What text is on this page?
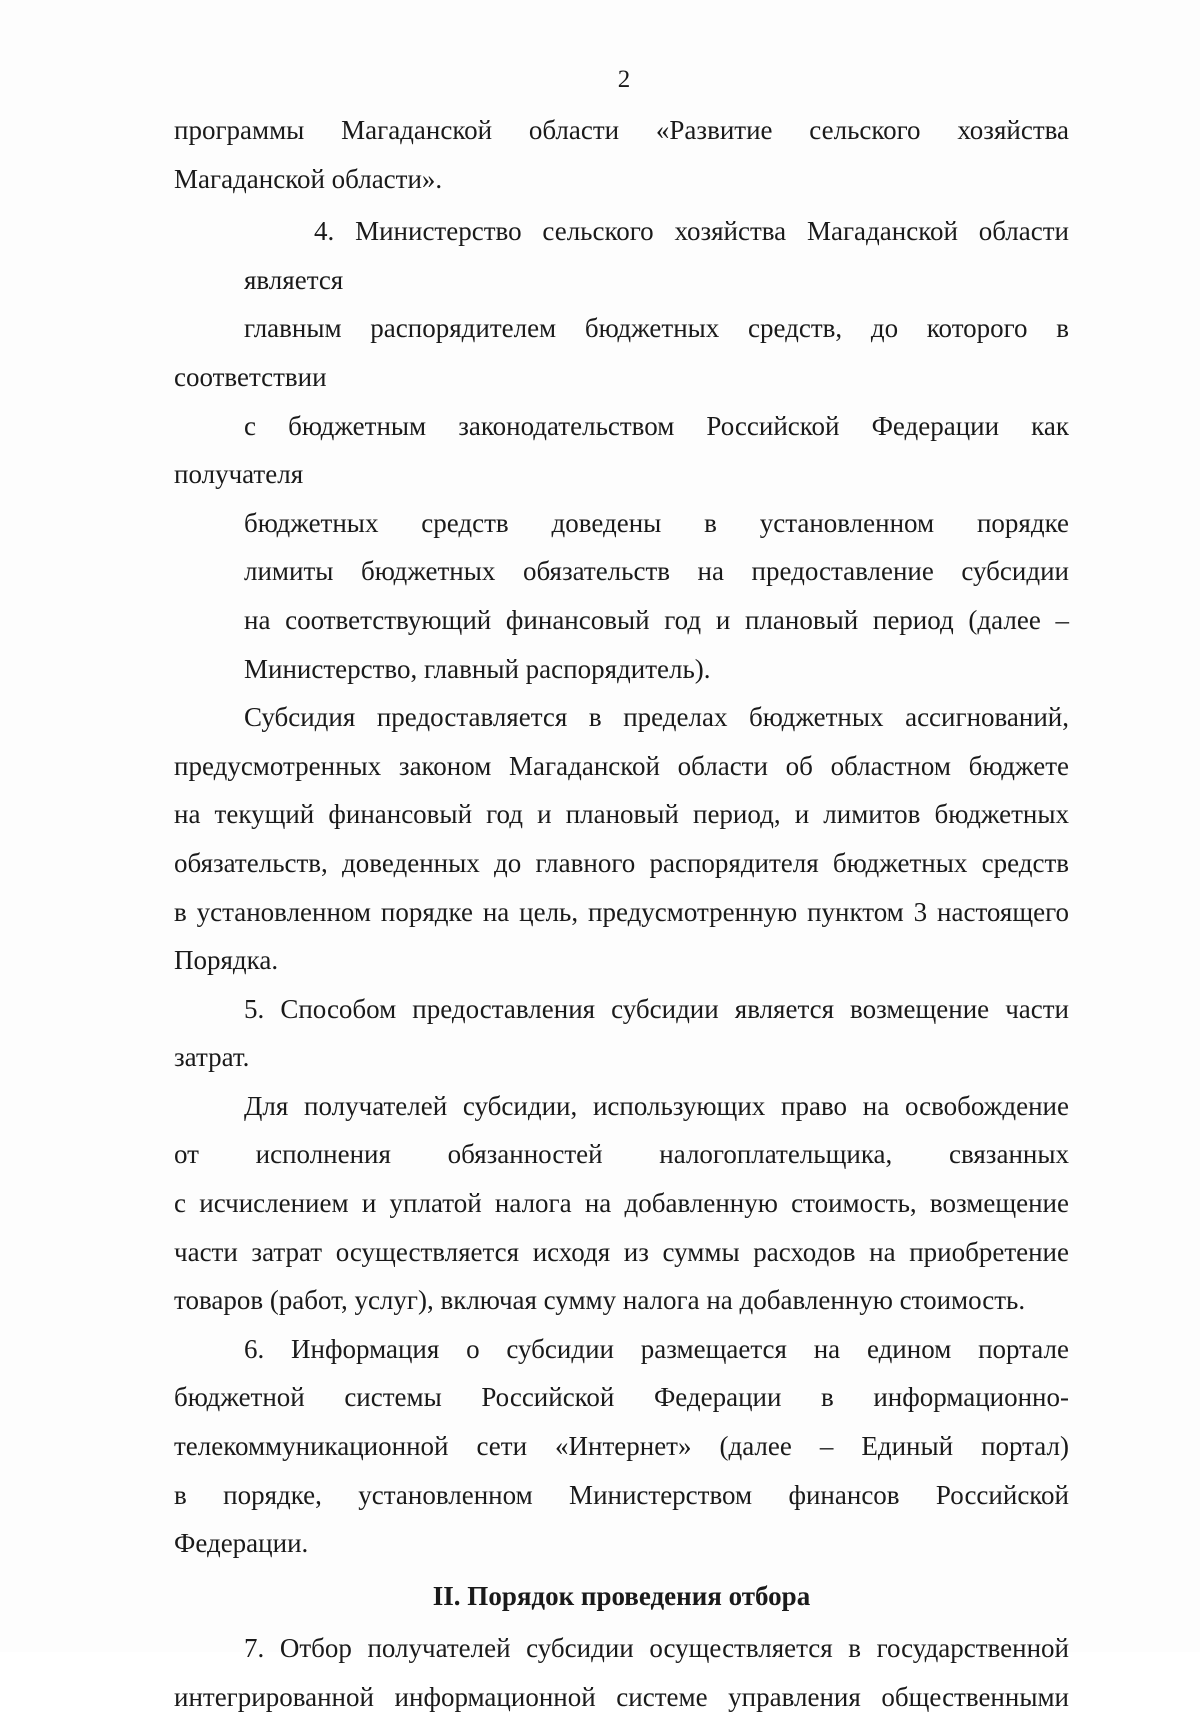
2
программы Магаданской области «Развитие сельского хозяйства
Магаданской области».
4. Министерство сельского хозяйства Магаданской области является
главным распорядителем бюджетных средств, до которого в соответствии
с бюджетным законодательством Российской Федерации как получателя
бюджетных средств доведены в установленном порядке
лимиты бюджетных обязательств на предоставление субсидии
на соответствующий финансовый год и плановый период (далее –
Министерство, главный распорядитель).
Субсидия предоставляется в пределах бюджетных ассигнований,
предусмотренных законом Магаданской области об областном бюджете
на текущий финансовый год и плановый период, и лимитов бюджетных
обязательств, доведенных до главного распорядителя бюджетных средств
в установленном порядке на цель, предусмотренную пунктом 3 настоящего
Порядка.
5. Способом предоставления субсидии является возмещение части
затрат.
Для получателей субсидии, использующих право на освобождение
от исполнения обязанностей налогоплательщика, связанных
с исчислением и уплатой налога на добавленную стоимость, возмещение
части затрат осуществляется исходя из суммы расходов на приобретение
товаров (работ, услуг), включая сумму налога на добавленную стоимость.
6. Информация о субсидии размещается на едином портале
бюджетной системы Российской Федерации в информационно-
телекоммуникационной сети «Интернет» (далее – Единый портал)
в порядке, установленном Министерством финансов Российской
Федерации.
II. Порядок проведения отбора
7. Отбор получателей субсидии осуществляется в государственной
интегрированной информационной системе управления общественными
